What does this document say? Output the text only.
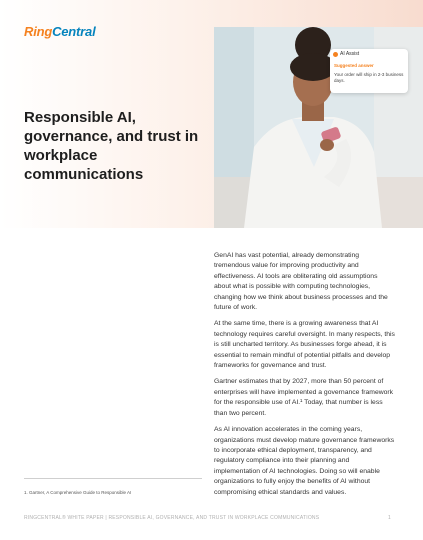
RingCentral
Responsible AI, governance, and trust in workplace communications
AI Assist
Suggested answer
Your order will ship in 2-3 business days.

GenAI has vast potential, already demonstrating tremendous value for improving productivity and effectiveness. AI tools are obliterating old assumptions about what is possible with computing technologies, changing how we think about business processes and the future of work.

At the same time, there is a growing awareness that AI technology requires careful oversight. In many respects, this is still uncharted territory. As businesses forge ahead, it is essential to remain mindful of potential pitfalls and develop frameworks for governance and trust.

Gartner estimates that by 2027, more than 50 percent of enterprises will have implemented a governance framework for the responsible use of AI.¹ Today, that number is less than two percent.

As AI innovation accelerates in the coming years, organizations must develop mature governance frameworks to incorporate ethical deployment, transparency, and regulatory compliance into their planning and implementation of AI technologies. Doing so will enable organizations to fully enjoy the benefits of AI without compromising ethical standards and values.

1. Gartner, A Comprehensive Guide to Responsible AI
RINGCENTRAL® WHITE PAPER | RESPONSIBLE AI, GOVERNANCE, AND TRUST IN WORKPLACE COMMUNICATIONS	1
